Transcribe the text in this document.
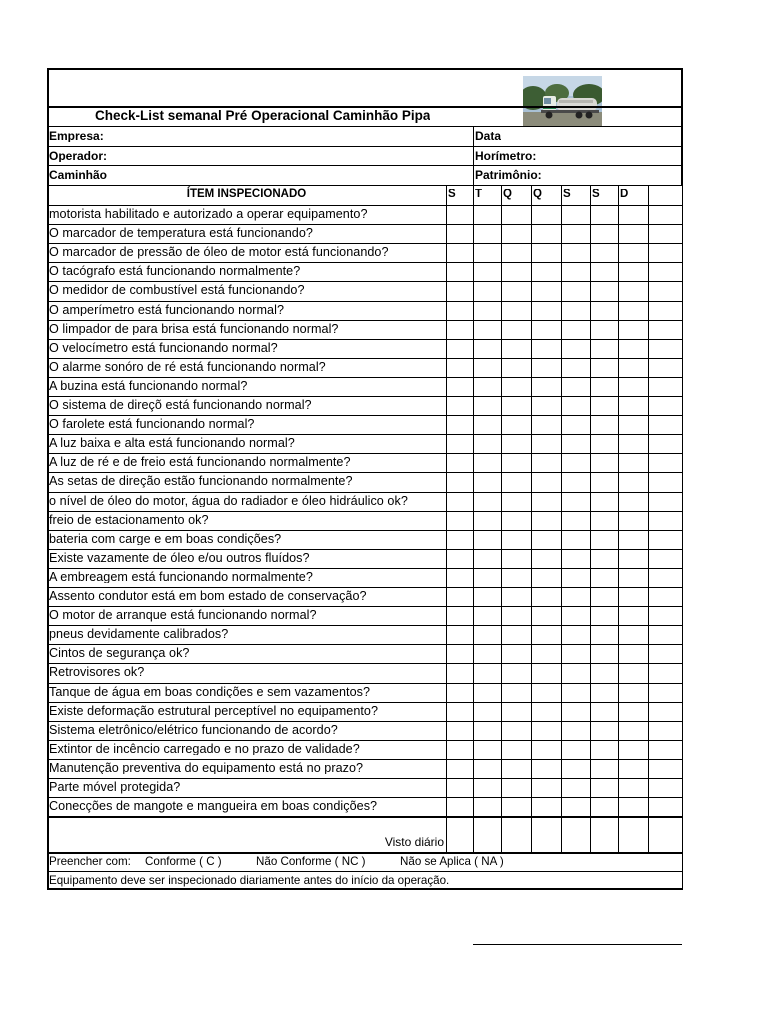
Check-List semanal Pré Operacional Caminhão Pipa
Empresa:	Data
Operador:	Horímetro:
Caminhão	Patrimônio:
ÍTEM INSPECIONADO	S T Q Q S S D
motorista habilitado e autorizado a operar equipamento?
O marcador de temperatura está funcionando?
O marcador de pressão de óleo de motor está funcionando?
O tacógrafo está funcionando normalmente?
O medidor de combustível está funcionando?
O amperímetro está funcionando normal?
O limpador de para brisa está funcionando normal?
O velocímetro está funcionando normal?
O alarme sonóro de ré está funcionando normal?
A buzina está funcionando normal?
O sistema de direçõ está funcionando normal?
O farolete está funcionando normal?
A luz baixa e alta está funcionando normal?
A luz de ré e de freio está funcionando normalmente?
As setas de direção estão funcionando normalmente?
o nível de óleo do motor, água do radiador e óleo hidráulico ok?
freio de estacionamento ok?
bateria com carge e em boas condições?
Existe vazamente de óleo e/ou outros fluídos?
A embreagem está funcionando normalmente?
Assento condutor está em bom estado de conservação?
O motor de arranque está funcionando normal?
pneus devidamente calibrados?
Cintos de segurança ok?
Retrovisores ok?
Tanque de água em boas condições e sem vazamentos?
Existe deformação estrutural perceptível no equipamento?
Sistema eletrônico/elétrico funcionando de acordo?
Extintor de incêncio carregado e no prazo de validade?
Manutenção preventiva do equipamento está no prazo?
Parte móvel protegida?
Conecções de mangote e mangueira em boas condições?
Visto diário
Preencher com: Conforme ( C )	Não Conforme ( NC )	Não se Aplica ( NA )
Equipamento deve ser inspecionado diariamente antes do início da operação.
